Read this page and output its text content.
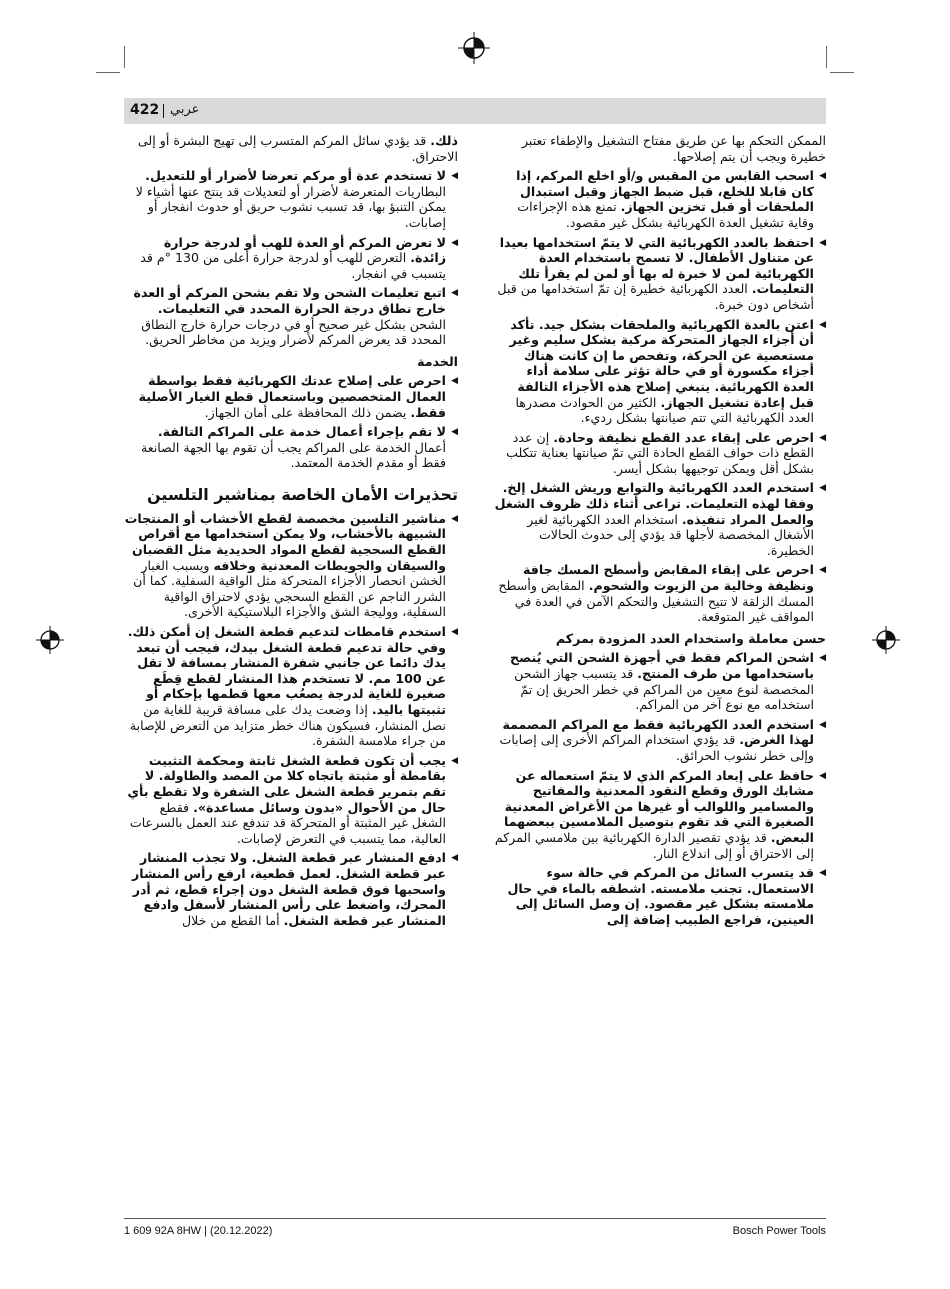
422 عربي
الممكن التحكم بها عن طريق مفتاح التشغيل والإطفاء تعتبر خطيرة ويجب أن يتم إصلاحها.
◀
اسحب القابس من المقبس و/أو اخلع المركم، إذا كان قابلا للخلع، قبل ضبط الجهاز وقبل استبدال الملحقات أو قبل تخزين الجهاز. تمنع هذه الإجراءات وقاية تشغيل العدة الكهربائية بشكل غير مقصود.
◀
احتفظ بالعدد الكهربائية التي لا يتمّ استخدامها بعيدا عن متناول الأطفال. لا تسمح باستخدام العدة الكهربائية لمن لا خبرة له بها أو لمن لم يقرأ تلك التعليمات. العدد الكهربائية خطيرة إن تمّ استخدامها من قبل أشخاص دون خبرة.
◀
اعتن بالعدة الكهربائية والملحقات بشكل جيد. تأكد أن أجزاء الجهاز المتحركة مركبة بشكل سليم وغير مستعصية عن الحركة، وتفحص ما إن كانت هناك أجزاء مكسورة أو في حالة تؤثر على سلامة أداء العدة الكهربائية. ينبغي إصلاح هذه الأجزاء التالفة قبل إعادة تشغيل الجهاز. الكثير من الحوادث مصدرها العدد الكهربائية التي تتم صيانتها بشكل رديء.
◀
احرص على إبقاء عدد القطع نظيفة وحادة. إن عدد القطع ذات حواف القطع الحادة التي تمّ صيانتها بعناية تتكلب بشكل أقل ويمكن توجيهها بشكل أيسر.
◀
استخدم العدد الكهربائية والتوابع وريش الشغل إلخ. وفقا لهذه التعليمات. تراعى أثناء ذلك ظروف الشغل والعمل المراد تنفيذه. استخدام العدد الكهربائية لغير الأشغال المخصصة لأجلها قد يؤدي إلى حدوث الحالات الخطيرة.
◀
احرص على إبقاء المقابض وأسطح المسك جافة ونظيفة وخالية من الزيوت والشحوم. المقابض وأسطح المسك الزلقة لا تتيح التشغيل والتحكم الآمن في العدة في المواقف غير المتوقعة.
حسن معاملة واستخدام العدد المزودة بمركم
◀
اشحن المراكم فقط في أجهزة الشحن التي يُنصح باستخدامها من طرف المنتج. قد يتسبب جهاز الشحن المخصصة لنوع معين من المراكم في خطر الحريق إن تمّ استخدامه مع نوع آخر من المراكم.
◀
استخدم العدد الكهربائية فقط مع المراكم المصممة لهذا الغرض. قد يؤدي استخدام المراكم الأخرى إلى إصابات وإلى خطر نشوب الحرائق.
◀
حافظ على إبعاد المركم الذي لا يتمّ استعماله عن مشابك الورق وقطع النقود المعدنية والمفاتيح والمسامير واللوالب أو غيرها من الأغراض المعدنية الصغيرة التي قد تقوم بتوصيل الملامسين ببعضهما البعض. قد يؤدي تقصير الدارة الكهربائية بين ملامسي المركم إلى الاحتراق أو إلى اندلاع النار.
◀
قد يتسرب السائل من المركم في حالة سوء الاستعمال. تجنب ملامسته. اشطفه بالماء في حال ملامسته بشكل غير مقصود. إن وصل السائل إلى العينين، فراجع الطبيب إضافة إلى
ذلك. قد يؤدي سائل المركم المتسرب إلى تهيج البشرة أو إلى الاحتراق.
◀
لا تستخدم عدة أو مركم تعرضا لأضرار أو للتعديل. البطاريات المتعرضة لأضرار أو لتعديلات قد ينتج عنها أشياء لا يمكن التنبؤ بها، قد تسبب نشوب حريق أو حدوث انفجار أو إصابات.
◀
لا تعرض المركم أو العدة للهب أو لدرجة حرارة زائدة. التعرض للهب أو لدرجة حرارة أعلى من 130 °م قد يتسبب في انفجار.
◀
اتبع تعليمات الشحن ولا تقم بشحن المركم أو العدة خارج نطاق درجة الحرارة المحدد في التعليمات. الشحن بشكل غير صحيح أو في درجات حرارة خارج النطاق المحدد قد يعرض المركم لأضرار ويزيد من مخاطر الحريق.
الخدمة
◀
احرص على إصلاح عدتك الكهربائية فقط بواسطة العمال المتخصصين وباستعمال قطع الغيار الأصلية فقط. يضمن ذلك المحافظة على أمان الجهاز.
◀
لا تقم بإجراء أعمال خدمة على المراكم التالفة. أعمال الخدمة على المراكم يجب أن تقوم بها الجهة الصانعة فقط أو مقدم الخدمة المعتمد.
تحذيرات الأمان الخاصة بمناشير التلسين
◀
مناشير التلسين مخصصة لقطع الأخشاب أو المنتجات الشبيهة بالأخشاب، ولا يمكن استخدامها مع أقراص القطع السحجية لقطع المواد الحديدية مثل القضبان والسيقان والجويطات المعدنية وخلافه ويسبب الغبار الخشن انحصار الأجزاء المتحركة مثل الواقية السفلية. كما أن الشرر الناجم عن القطع السحجي يؤدي لاحتراق الواقية السفلية، ووليجة الشق والأجزاء البلاستيكية الأخرى.
◀
استخدم قامطات لتدعيم قطعة الشغل إن أمكن ذلك. وفي حالة تدعيم قطعة الشغل بيدك، فيجب أن تبعد يدك دائما عن جانبي شفرة المنشار بمسافة لا تقل عن 100 مم. لا تستخدم هذا المنشار لقطع قِطَع صغيرة للغاية لدرجة يصعُب معها قطمها بإحكام أو تثبيتها باليد. إذا وضعت يدك على مسافة قريبة للغاية من نصل المنشار، فسيكون هناك خطر متزايد من التعرض للإصابة من جراء ملامسة الشفرة.
◀
يجب أن تكون قطعة الشغل ثابتة ومحكمة التثبيت بقامطة أو مثبتة باتجاه كلا من المصد والطاولة. لا تقم بتمرير قطعة الشغل على الشفرة ولا تقطع بأي حال من الأحوال «بدون وسائل مساعدة». فقطع الشغل غير المثبتة أو المتحركة قد تندفع عند العمل بالسرعات العالية، مما يتسبب في التعرض لإصابات.
◀
ادفع المنشار عبر قطعة الشغل. ولا تجذب المنشار عبر قطعة الشغل. لعمل قطعية، ارفع رأس المنشار واسحبها فوق قطعة الشغل دون إجراء قطع، ثم أدر المحرك، واضغط على رأس المنشار لأسفل وادفع المنشار عبر قطعة الشغل. أما القطع من خلال
1 609 92A 8HW | (20.12.2022)	Bosch Power Tools
